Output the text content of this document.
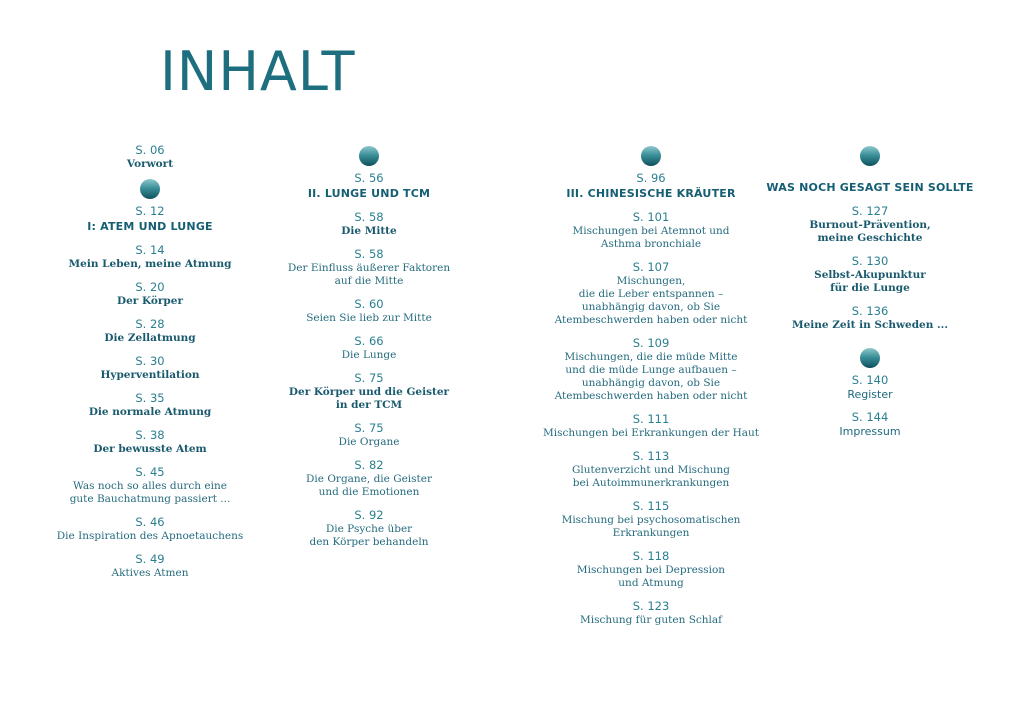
INHALT
S. 06
Vorwort
S. 12
I: ATEM UND LUNGE
S. 14
Mein Leben, meine Atmung
S. 20
Der Körper
S. 28
Die Zellatmung
S. 30
Hyperventilation
S. 35
Die normale Atmung
S. 38
Der bewusste Atem
S. 45
Was noch so alles durch eine
gute Bauchatmung passiert ...
S. 46
Die Inspiration des Apnoetauchens
S. 49
Aktives Atmen
S. 56
II. LUNGE UND TCM
S. 58
Die Mitte
S. 58
Der Einfluss äußerer Faktoren
auf die Mitte
S. 60
Seien Sie lieb zur Mitte
S. 66
Die Lunge
S. 75
Der Körper und die Geister
in der TCM
S. 75
Die Organe
S. 82
Die Organe, die Geister
und die Emotionen
S. 92
Die Psyche über
den Körper behandeln
S. 96
III. CHINESISCHE KRÄUTER
S. 101
Mischungen bei Atemnot und
Asthma bronchiale
S. 107
Mischungen,
die die Leber entspannen –
unabhängig davon, ob Sie
Atembeschwerden haben oder nicht
S. 109
Mischungen, die die müde Mitte
und die müde Lunge aufbauen –
unabhängig davon, ob Sie
Atembeschwerden haben oder nicht
S. 111
Mischungen bei Erkrankungen der Haut
S. 113
Glutenverzicht und Mischung
bei Autoimmunerkrankungen
S. 115
Mischung bei psychosomatischen
Erkrankungen
S. 118
Mischungen bei Depression
und Atmung
S. 123
Mischung für guten Schlaf
WAS NOCH GESAGT SEIN SOLLTE
S. 127
Burnout-Prävention,
meine Geschichte
S. 130
Selbst-Akupunktur
für die Lunge
S. 136
Meine Zeit in Schweden ...
S. 140
Register
S. 144
Impressum
